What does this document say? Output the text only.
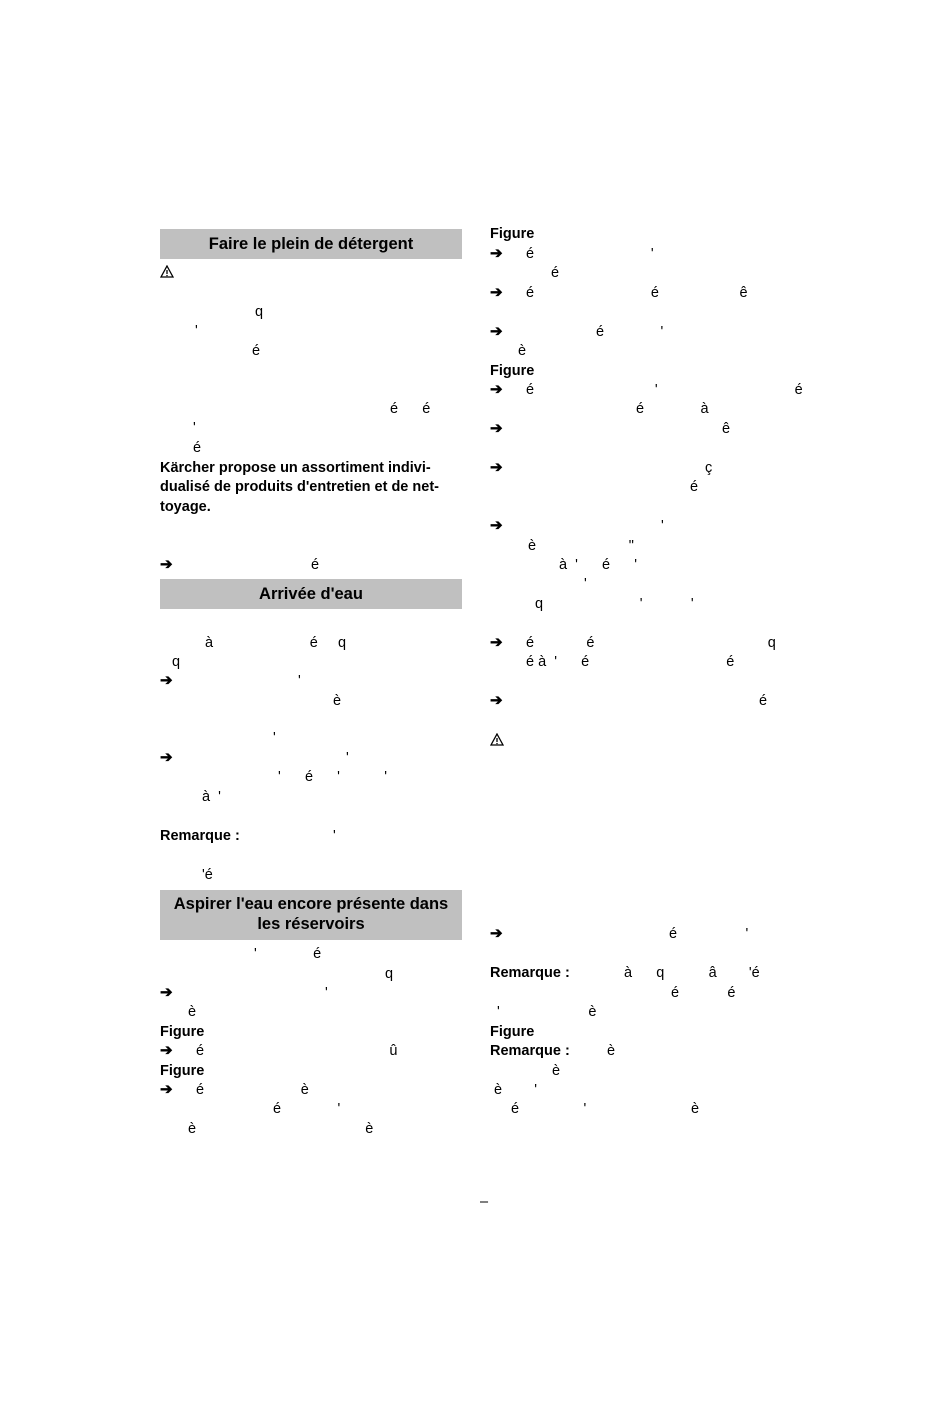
Faire le plein de détergent
q
'
é
é      é
'
é
Kärcher propose un assortiment indivi-
dualisé de produits d'entretien et de net-
toyage.
➔	é
Arrivée d'eau
à                        é     q
q
➔	'
è
'
➔	'
'      é      '           '
à  '
Remarque :	'
'é
Aspirer l'eau encore présente dans
les réservoirs
'              é
q
➔	'
è
Figure
➔ é                                              û
Figure
➔ é                        è
é              '
è                                          è
Figure
➔ é                             '
é
➔ é                             é                    ê
➔	é              '
è
Figure
➔ é                              '                                  é
é              à
➔	ê
➔	ç
é
➔	'
è                       "
à  '      é      '
'
q                        '            '
➔ é             é                                           q
é à  '      é                                  é
➔	é
➔	é                 '
Remarque :	à      q           â        'é
é            é
'                      è
Figure
Remarque :	è
è
è        '
é                '                          è
–
